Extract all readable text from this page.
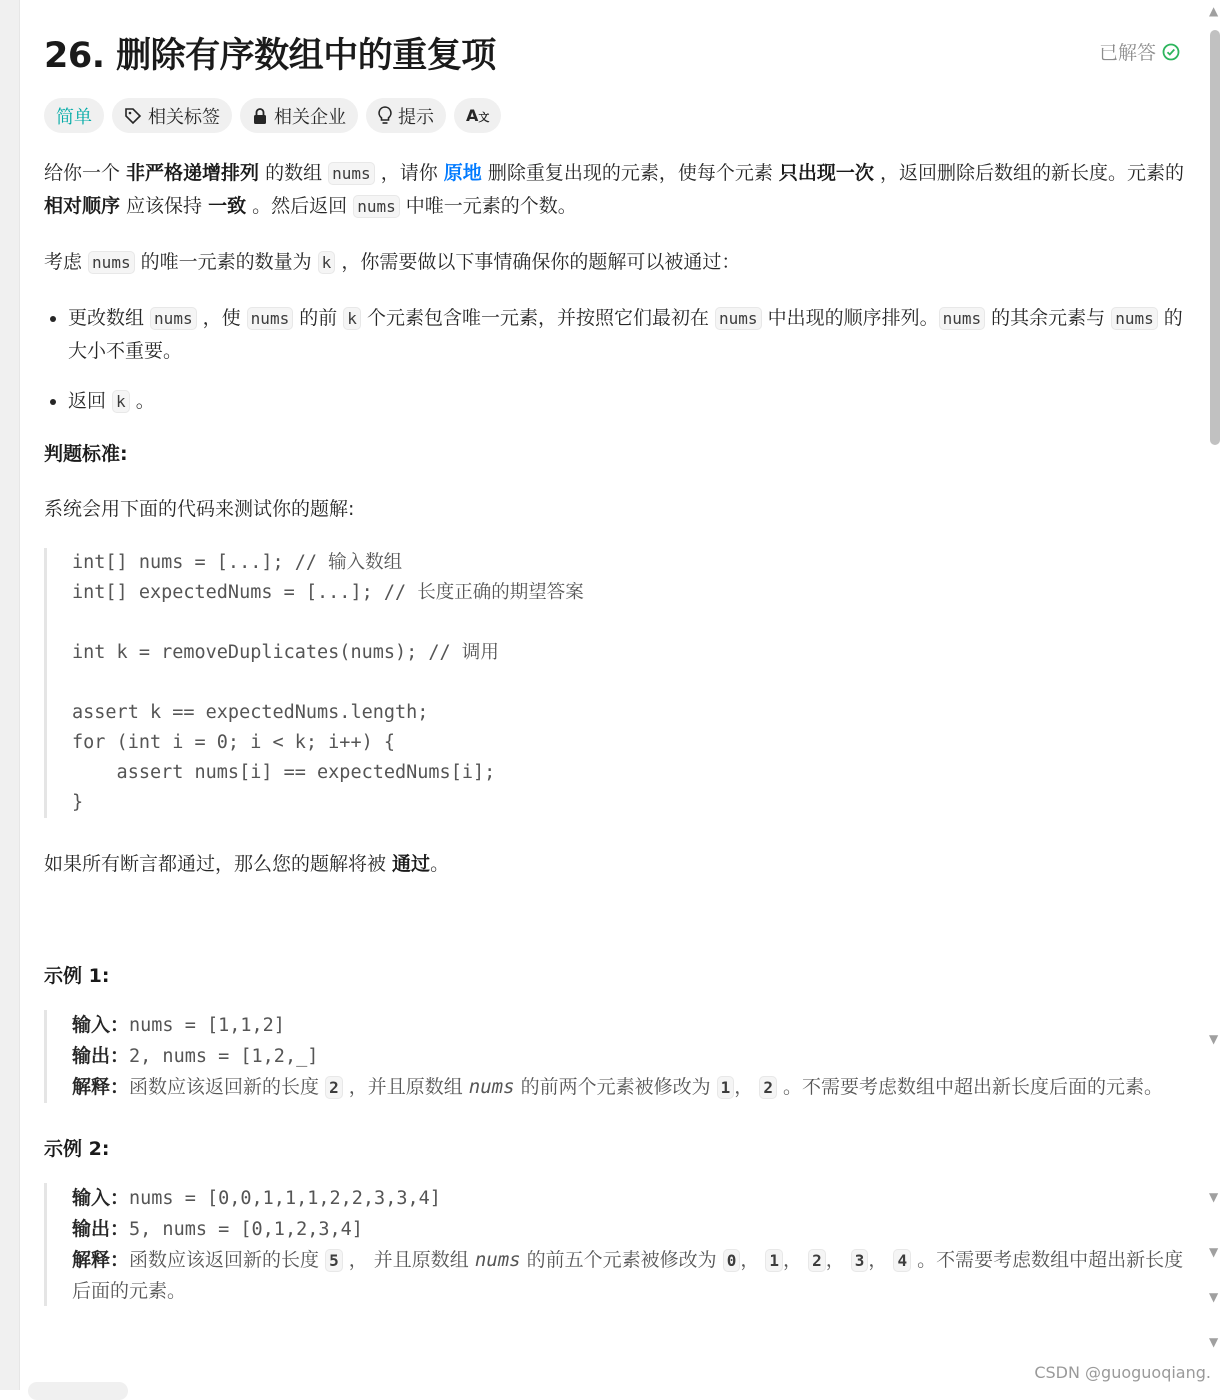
26. 删除有序数组中的重复项	已解答
简单	相关标签	相关企业	提示 A文

给你一个 非严格递增排列 的数组 nums ，请你 原地 删除重复出现的元素，使每个元素 只出现一次 ，返回删除后数组的新长度。元素的 相对顺序 应该保持 一致 。然后返回 nums 中唯一元素的个数。

考虑 nums 的唯一元素的数量为 k ，你需要做以下事情确保你的题解可以被通过：

• 更改数组 nums ，使 nums 的前 k 个元素包含唯一元素，并按照它们最初在 nums 中出现的顺序排列。 nums 的其余元素与 nums 的大小不重要。
• 返回 k 。

判题标准:

系统会用下面的代码来测试你的题解:

int[] nums = [...]; // 输入数组
int[] expectedNums = [...]; // 长度正确的期望答案

int k = removeDuplicates(nums); // 调用

assert k == expectedNums.length;
for (int i = 0; i < k; i++) {
assert nums[i] == expectedNums[i];
}

如果所有断言都通过，那么您的题解将被 通过。

示例 1:

输入：nums = [1,1,2]
输出：2, nums = [1,2,_]
解释：函数应该返回新的长度 2 ，并且原数组 nums 的前两个元素被修改为 1 ， 2 。不需要考虑数组中超出新长度后面的元素。

示例 2:

输入：nums = [0,0,1,1,1,2,2,3,3,4]
输出：5, nums = [0,1,2,3,4]
解释：函数应该返回新的长度 5 ， 并且原数组 nums 的前五个元素被修改为 0 ， 1 ， 2 ， 3 ， 4 。不需要考虑数组中超出新长度后面的元素。
▲
▼
▼
▼
▼
▼
CSDN @guoguoqiang.
